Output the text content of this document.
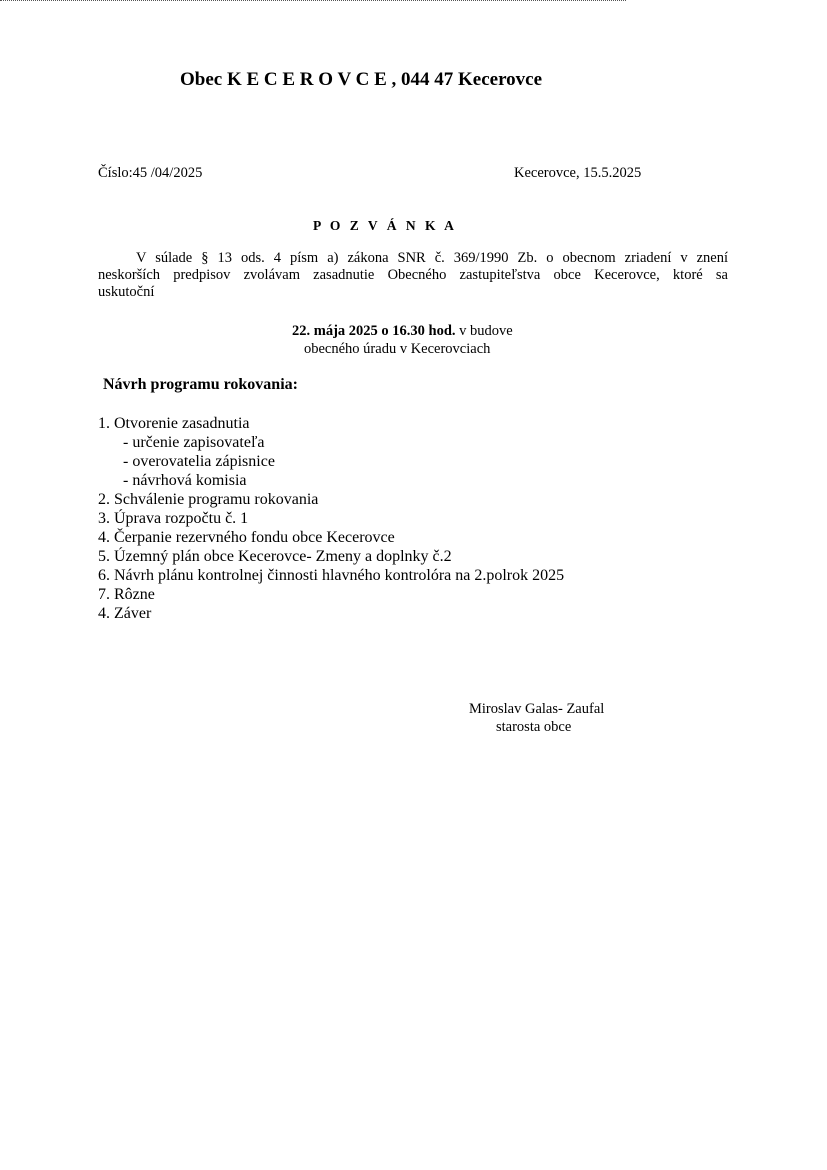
Obec K E C E R O V C E , 044 47 Kecerovce
Číslo:45 /04/2025	Kecerovce, 15.5.2025
P O Z V Á N K A
V súlade § 13 ods. 4 písm a) zákona SNR č. 369/1990 Zb. o obecnom zriadení v znení
neskorších predpisov zvolávam zasadnutie Obecného zastupiteľstva obce Kecerovce, ktoré sa
uskutoční
22. mája 2025 o 16.30 hod. v budove
obecného úradu v Kecerovciach
Návrh programu rokovania:
1. Otvorenie zasadnutia
- určenie zapisovateľa
- overovatelia zápisnice
- návrhová komisia
2. Schválenie programu rokovania
3. Úprava rozpočtu č. 1
4. Čerpanie rezervného fondu obce Kecerovce
5. Územný plán obce Kecerovce- Zmeny a doplnky č.2
6. Návrh plánu kontrolnej činnosti hlavného kontrolóra na 2.polrok 2025
7. Rôzne
4. Záver
Miroslav Galas- Zaufal
starosta obce
